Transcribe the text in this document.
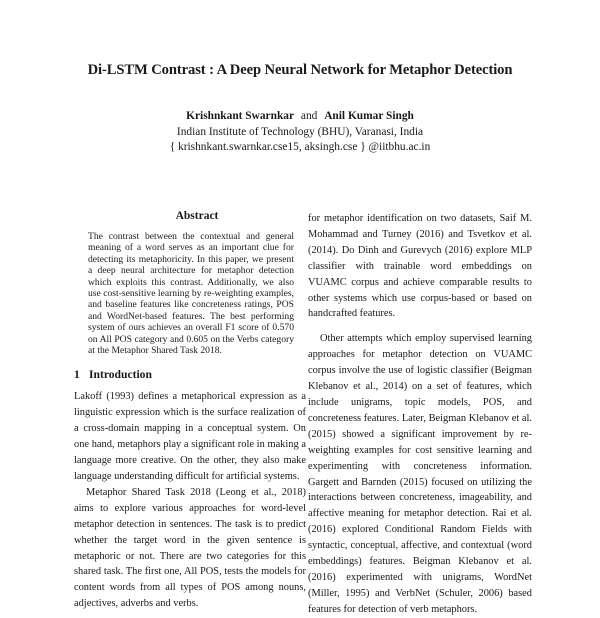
Di-LSTM Contrast : A Deep Neural Network for Metaphor Detection
Krishnkant Swarnkar and Anil Kumar Singh
Indian Institute of Technology (BHU), Varanasi, India
{ krishnkant.swarnkar.cse15, aksingh.cse } @iitbhu.ac.in
Abstract
The contrast between the contextual and general meaning of a word serves as an important clue for detecting its metaphoricity. In this paper, we present a deep neural architecture for metaphor detection which exploits this contrast. Additionally, we also use cost-sensitive learning by re-weighting examples, and baseline features like concreteness ratings, POS and WordNet-based features. The best performing system of ours achieves an overall F1 score of 0.570 on All POS category and 0.605 on the Verbs category at the Metaphor Shared Task 2018.
1 Introduction

Lakoff (1993) defines a metaphorical expression as a linguistic expression which is the surface realization of a cross-domain mapping in a conceptual system. On one hand, metaphors play a significant role in making a language more creative. On the other, they also make language understanding difficult for artificial systems.

Metaphor Shared Task 2018 (Leong et al., 2018) aims to explore various approaches for word-level metaphor detection in sentences. The task is to predict whether the target word in the given sentence is metaphoric or not. There are two categories for this shared task. The first one, All POS, tests the models for content words from all types of POS among nouns, adjectives, adverbs and verbs.

for metaphor identification on two datasets, Saif M. Mohammad and Turney (2016) and Tsvetkov et al. (2014). Do Dinh and Gurevych (2016) explore MLP classifier with trainable word embeddings on VUAMC corpus and achieve comparable results to other systems which use corpus-based or based on handcrafted features.

Other attempts which employ supervised learning approaches for metaphor detection on VUAMC corpus involve the use of logistic classifier (Beigman Klebanov et al., 2014) on a set of features, which include unigrams, topic models, POS, and concreteness features. Later, Beigman Klebanov et al. (2015) showed a significant improvement by re-weighting examples for cost sensitive learning and experimenting with concreteness information. Gargett and Barnden (2015) focused on utilizing the interactions between concreteness, imageability, and affective meaning for metaphor detection. Rai et al. (2016) explored Conditional Random Fields with syntactic, conceptual, affective, and contextual (word embeddings) features. Beigman Klebanov et al. (2016) experimented with unigrams, WordNet (Miller, 1995) and VerbNet (Schuler, 2006) based features for detection of verb metaphors.
